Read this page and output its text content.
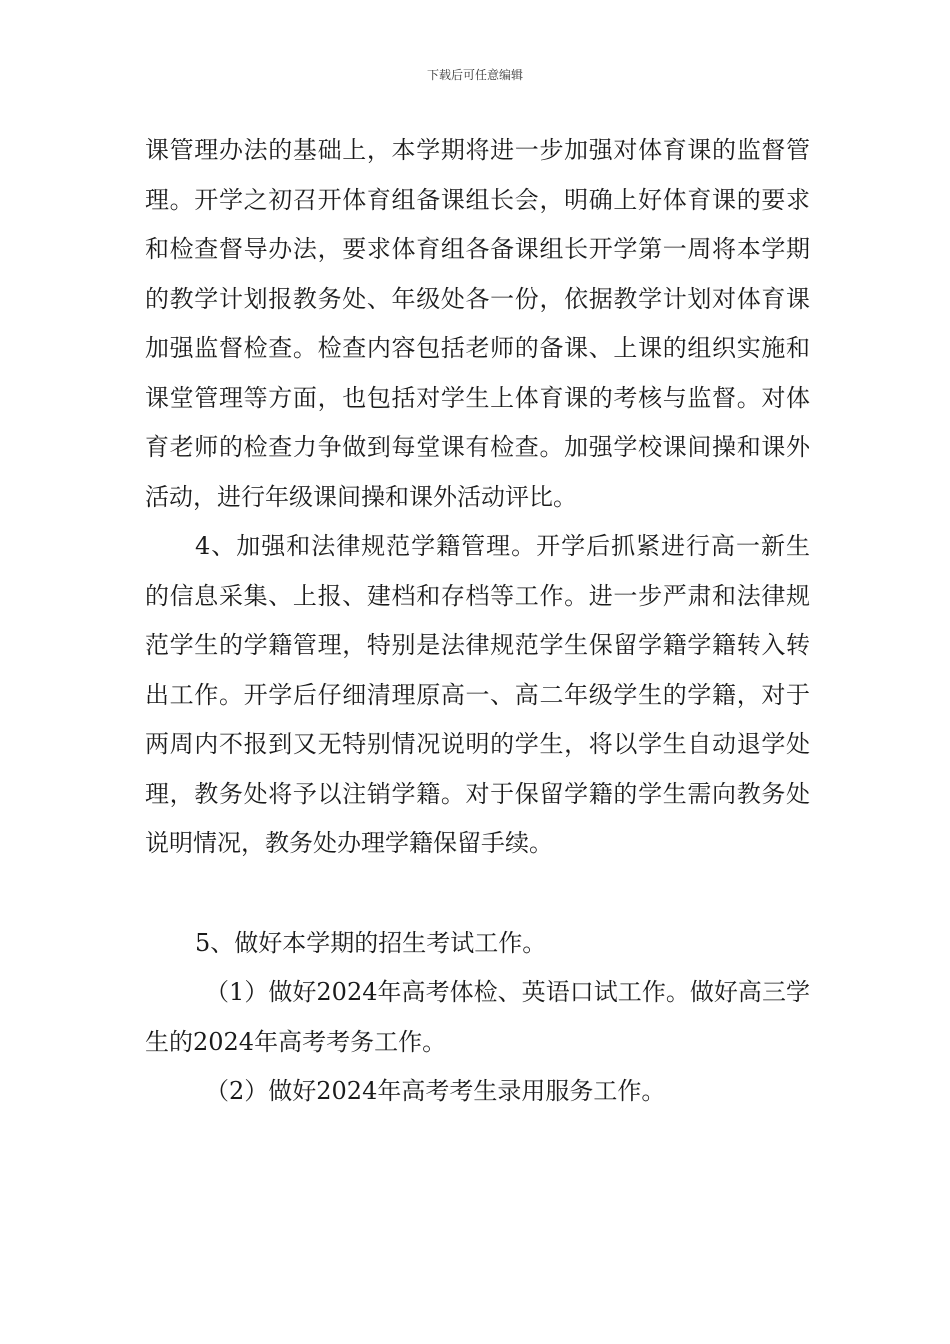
下载后可任意编辑

课管理办法的基础上，本学期将进一步加强对体育课的监督管理。开学之初召开体育组备课组长会，明确上好体育课的要求和检查督导办法，要求体育组各备课组长开学第一周将本学期的教学计划报教务处、年级处各一份，依据教学计划对体育课加强监督检查。检查内容包括老师的备课、上课的组织实施和课堂管理等方面，也包括对学生上体育课的考核与监督。对体育老师的检查力争做到每堂课有检查。加强学校课间操和课外活动，进行年级课间操和课外活动评比。

4、加强和法律规范学籍管理。开学后抓紧进行高一新生的信息采集、上报、建档和存档等工作。进一步严肃和法律规范学生的学籍管理，特别是法律规范学生保留学籍学籍转入转出工作。开学后仔细清理原高一、高二年级学生的学籍，对于两周内不报到又无特别情况说明的学生，将以学生自动退学处理，教务处将予以注销学籍。对于保留学籍的学生需向教务处说明情况，教务处办理学籍保留手续。

5、做好本学期的招生考试工作。

（1）做好2024年高考体检、英语口试工作。做好高三学生的2024年高考考务工作。

（2）做好2024年高考考生录用服务工作。
